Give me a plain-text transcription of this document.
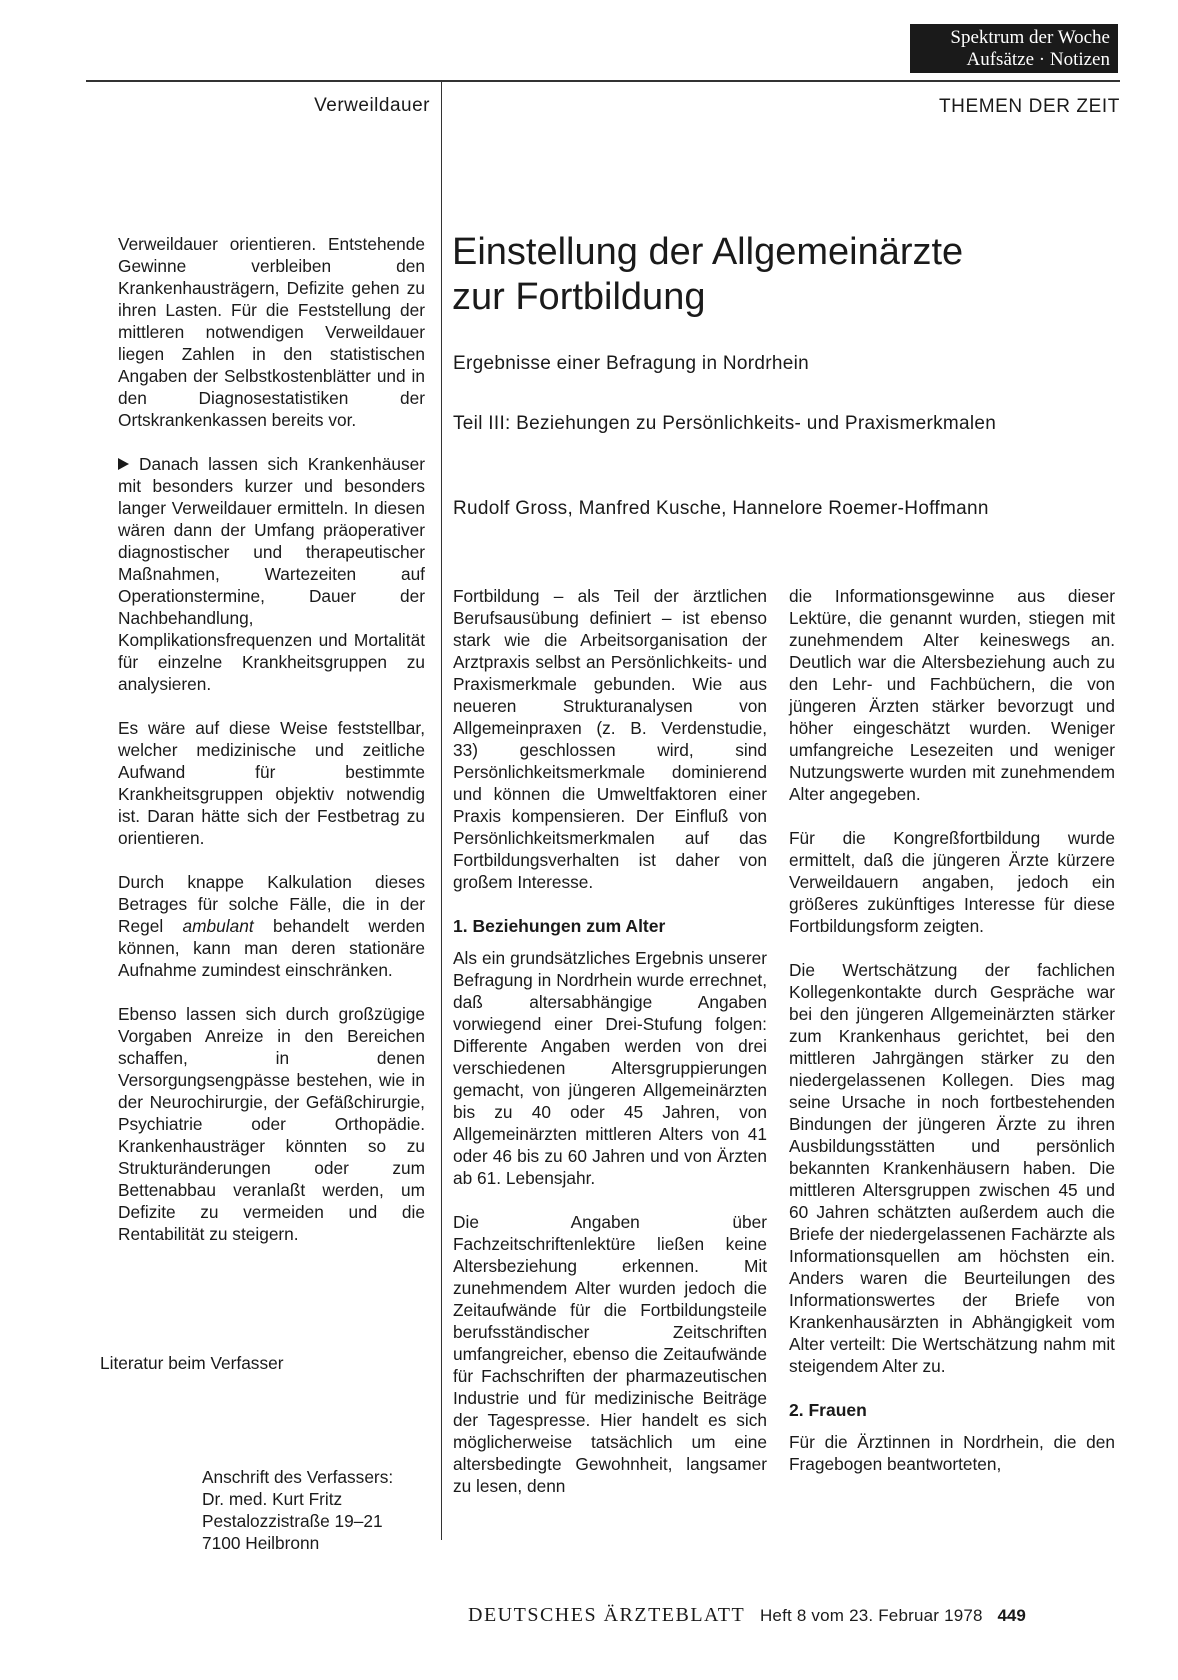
Spektrum der Woche
Aufsätze · Notizen
Verweildauer	THEMEN DER ZEIT

Verweildauer orientieren. Entstehende Gewinne verbleiben den Krankenhausträgern, Defizite gehen zu ihren Lasten. Für die Feststellung der mittleren notwendigen Verweildauer liegen Zahlen in den statistischen Angaben der Selbstkostenblätter und in den Diagnosestatistiken der Ortskrankenkassen bereits vor.

Danach lassen sich Krankenhäuser mit besonders kurzer und besonders langer Verweildauer ermitteln. In diesen wären dann der Umfang präoperativer diagnostischer und therapeutischer Maßnahmen, Wartezeiten auf Operationstermine, Dauer der Nachbehandlung, Komplikationsfrequenzen und Mortalität für einzelne Krankheitsgruppen zu analysieren.

Es wäre auf diese Weise feststellbar, welcher medizinische und zeitliche Aufwand für bestimmte Krankheitsgruppen objektiv notwendig ist. Daran hätte sich der Festbetrag zu orientieren.

Durch knappe Kalkulation dieses Betrages für solche Fälle, die in der Regel ambulant behandelt werden können, kann man deren stationäre Aufnahme zumindest einschränken.

Ebenso lassen sich durch großzügige Vorgaben Anreize in den Bereichen schaffen, in denen Versorgungsengpässe bestehen, wie in der Neurochirurgie, der Gefäßchirurgie, Psychiatrie oder Orthopädie. Krankenhausträger könnten so zu Strukturänderungen oder zum Bettenabbau veranlaßt werden, um Defizite zu vermeiden und die Rentabilität zu steigern.

Literatur beim Verfasser
Anschrift des Verfassers:
Dr. med. Kurt Fritz
Pestalozzistraße 19–21
7100 Heilbronn
Einstellung der Allgemeinärzte
zur Fortbildung
Ergebnisse einer Befragung in Nordrhein
Teil III: Beziehungen zu Persönlichkeits- und Praxismerkmalen
Rudolf Gross, Manfred Kusche, Hannelore Roemer-Hoffmann

Fortbildung – als Teil der ärztlichen Berufsausübung definiert – ist ebenso stark wie die Arbeitsorganisation der Arztpraxis selbst an Persönlichkeits- und Praxismerkmale gebunden. Wie aus neueren Strukturanalysen von Allgemeinpraxen (z. B. Verdenstudie, 33) geschlossen wird, sind Persönlichkeitsmerkmale dominierend und können die Umweltfaktoren einer Praxis kompensieren. Der Einfluß von Persönlichkeitsmerkmalen auf das Fortbildungsverhalten ist daher von großem Interesse.

1. Beziehungen zum Alter

Als ein grundsätzliches Ergebnis unserer Befragung in Nordrhein wurde errechnet, daß altersabhängige Angaben vorwiegend einer Drei-Stufung folgen: Differente Angaben werden von drei verschiedenen Altersgruppierungen gemacht, von jüngeren Allgemeinärzten bis zu 40 oder 45 Jahren, von Allgemeinärzten mittleren Alters von 41 oder 46 bis zu 60 Jahren und von Ärzten ab 61. Lebensjahr.

Die Angaben über Fachzeitschriftenlektüre ließen keine Altersbeziehung erkennen. Mit zunehmendem Alter wurden jedoch die Zeitaufwände für die Fortbildungsteile berufsständischer Zeitschriften umfangreicher, ebenso die Zeitaufwände für Fachschriften der pharmazeutischen Industrie und für medizinische Beiträge der Tagespresse. Hier handelt es sich möglicherweise tatsächlich um eine altersbedingte Gewohnheit, langsamer zu lesen, denn

die Informationsgewinne aus dieser Lektüre, die genannt wurden, stiegen mit zunehmendem Alter keineswegs an. Deutlich war die Altersbeziehung auch zu den Lehr- und Fachbüchern, die von jüngeren Ärzten stärker bevorzugt und höher eingeschätzt wurden. Weniger umfangreiche Lesezeiten und weniger Nutzungswerte wurden mit zunehmendem Alter angegeben.

Für die Kongreßfortbildung wurde ermittelt, daß die jüngeren Ärzte kürzere Verweildauern angaben, jedoch ein größeres zukünftiges Interesse für diese Fortbildungsform zeigten.

Die Wertschätzung der fachlichen Kollegenkontakte durch Gespräche war bei den jüngeren Allgemeinärzten stärker zum Krankenhaus gerichtet, bei den mittleren Jahrgängen stärker zu den niedergelassenen Kollegen. Dies mag seine Ursache in noch fortbestehenden Bindungen der jüngeren Ärzte zu ihren Ausbildungsstätten und persönlich bekannten Krankenhäusern haben. Die mittleren Altersgruppen zwischen 45 und 60 Jahren schätzten außerdem auch die Briefe der niedergelassenen Fachärzte als Informationsquellen am höchsten ein. Anders waren die Beurteilungen des Informationswertes der Briefe von Krankenhausärzten in Abhängigkeit vom Alter verteilt: Die Wertschätzung nahm mit steigendem Alter zu.

2. Frauen

Für die Ärztinnen in Nordrhein, die den Fragebogen beantworteten,

DEUTSCHES ÄRZTEBLATT Heft 8 vom 23. Februar 1978 449
